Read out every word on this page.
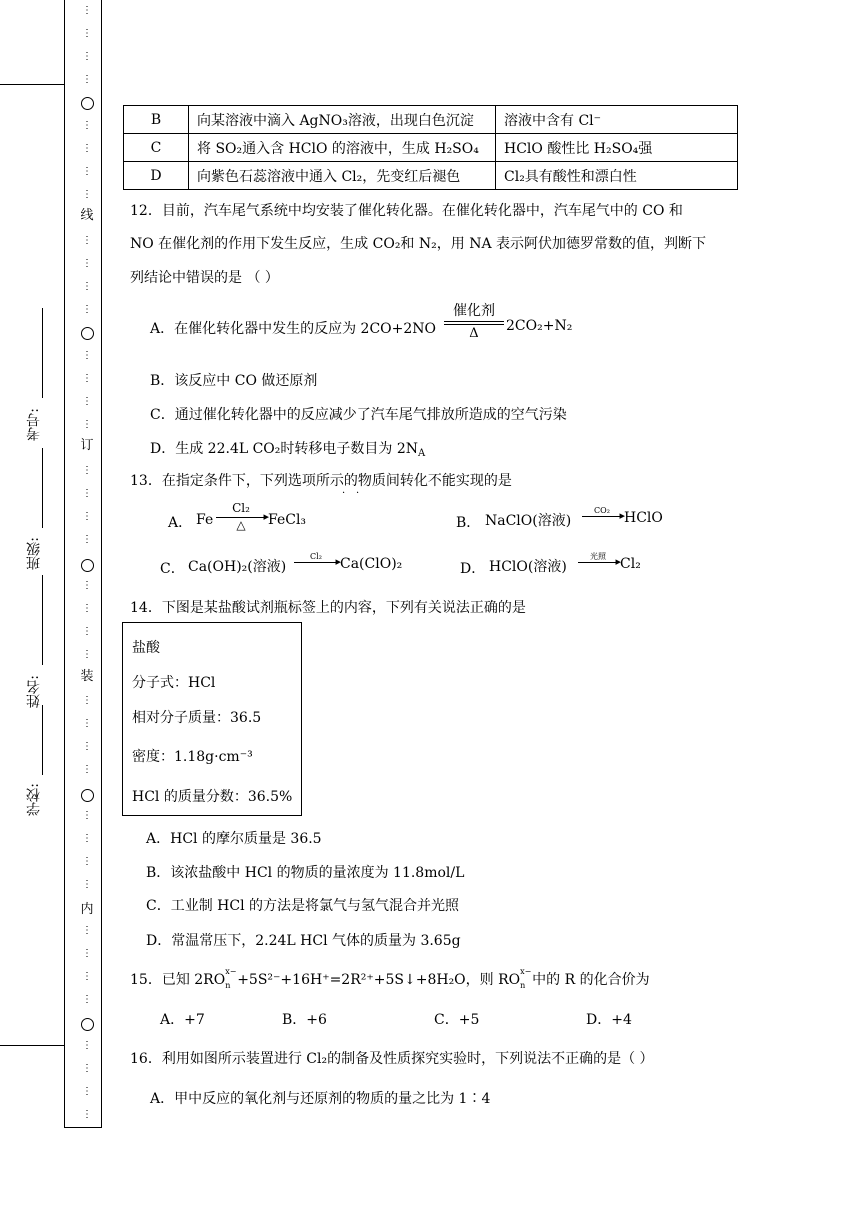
⋮
⋮
⋮
⋮
⋮
⋮
⋮
⋮
⋮
⋮
⋮
⋮
⋮
⋮
⋮
⋮
⋮
⋮
⋮
⋮
⋮
⋮
⋮
⋮
⋮
⋮
⋮
⋮
⋮
⋮
⋮
⋮
⋮
⋮
⋮
⋮
⋮
⋮
⋮
⋮
线
订
装
内
考号:
班级:
姓名:
学校:
B	向某溶液中滴入 AgNO₃溶液，出现白色沉淀	溶液中含有 Cl⁻
C	将 SO₂通入含 HClO 的溶液中，生成 H₂SO₄	HClO 酸性比 H₂SO₄强
D	向紫色石蕊溶液中通入 Cl₂，先变红后褪色	Cl₂具有酸性和漂白性
12．目前，汽车尾气系统中均安装了催化转化器。在催化转化器中，汽车尾气中的 CO 和
NO 在催化剂的作用下发生反应，生成 CO₂和 N₂，用 NA 表示阿伏加德罗常数的值，判断下
列结论中错误的是 （ ）
A．在催化转化器中发生的反应为 2CO+2NO
催化剂
Δ	2CO₂+N₂
B．该反应中 CO 做还原剂
C．通过催化转化器中的反应减少了汽车尾气排放所造成的空气污染
D．生成 22.4L CO₂时转移电子数目为 $2N_A$
13．在指定条件下，下列选项所示的物质间转化不能实现的是
· ·
A． Fe
Cl₂
▸
△	FeCl₃	B． NaClO(溶液)
CO₂ ▸ HClO
C． Ca(OH)₂(溶液)
Cl₂	▸ Ca(ClO)₂	D． HClO(溶液)
光照 ▸ Cl₂
14．下图是某盐酸试剂瓶标签上的内容，下列有关说法正确的是
盐酸
分子式：HCl
相对分子质量：36.5
密度：1.18g·cm⁻³
HCl 的质量分数：36.5%
A．HCl 的摩尔质量是 36.5
B．该浓盐酸中 HCl 的物质的量浓度为 11.8mol/L
C．工业制 HCl 的方法是将氯气与氢气混合并光照
D．常温常压下，2.24L HCl 气体的质量为 3.65g
15．已知 2RO
x−
n +5S²⁻+16H⁺=2R²⁺+5S↓+8H₂O，则 RO
x−
n 中的 R 的化合价为
A．+7	B．+6	C．+5	D．+4
16．利用如图所示装置进行 Cl₂的制备及性质探究实验时，下列说法不正确的是（ ）
A．甲中反应的氧化剂与还原剂的物质的量之比为 1∶4
